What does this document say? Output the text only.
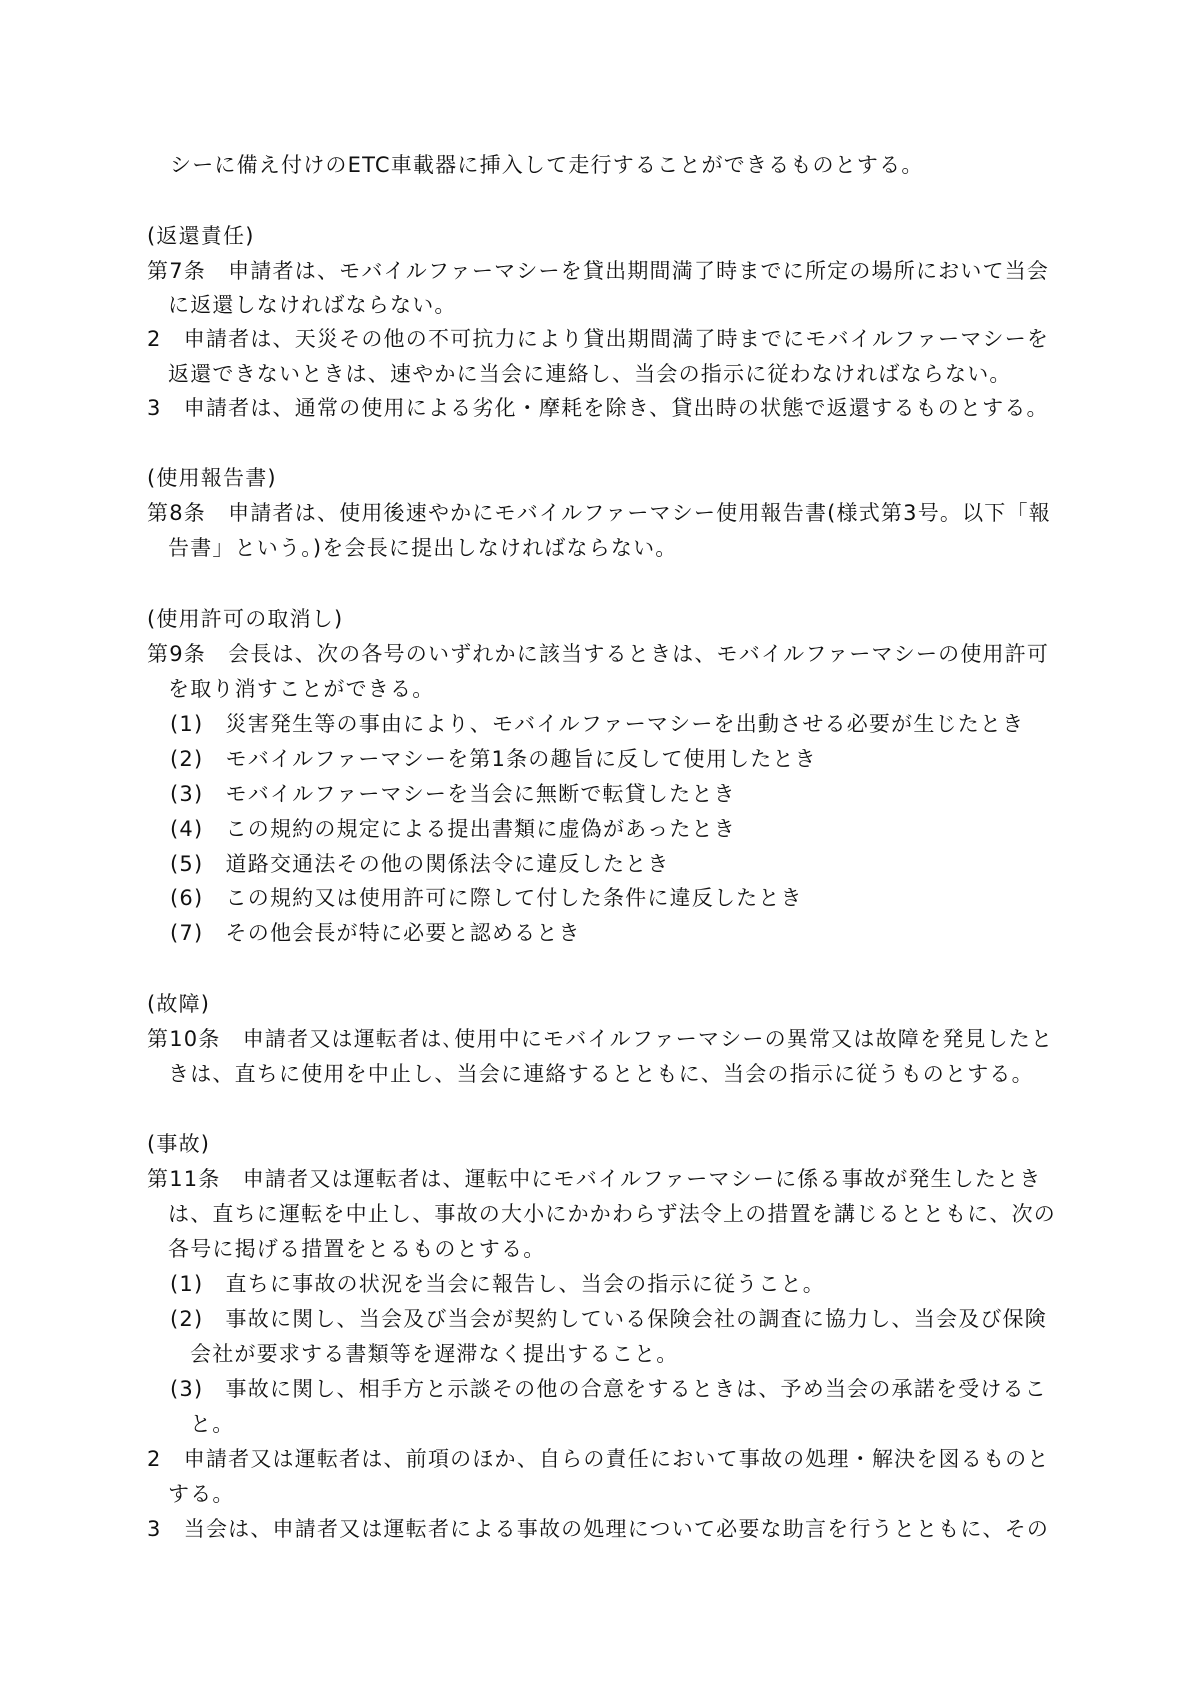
シーに備え付けのETC車載器に挿入して走行することができるものとする。
(返還責任)
第7条　申請者は、モバイルファーマシーを貸出期間満了時までに所定の場所において当会
に返還しなければならない。
2　申請者は、天災その他の不可抗力により貸出期間満了時までにモバイルファーマシーを
返還できないときは、速やかに当会に連絡し、当会の指示に従わなければならない。
3　申請者は、通常の使用による劣化・摩耗を除き、貸出時の状態で返還するものとする。
(使用報告書)
第8条　申請者は、使用後速やかにモバイルファーマシー使用報告書(様式第3号。以下「報
告書」という。)を会長に提出しなければならない。
(使用許可の取消し)
第9条　会長は、次の各号のいずれかに該当するときは、モバイルファーマシーの使用許可
を取り消すことができる。
(1)　災害発生等の事由により、モバイルファーマシーを出動させる必要が生じたとき
(2)　モバイルファーマシーを第1条の趣旨に反して使用したとき
(3)　モバイルファーマシーを当会に無断で転貸したとき
(4)　この規約の規定による提出書類に虚偽があったとき
(5)　道路交通法その他の関係法令に違反したとき
(6)　この規約又は使用許可に際して付した条件に違反したとき
(7)　その他会長が特に必要と認めるとき
(故障)
第10条　申請者又は運転者は､使用中にモバイルファーマシーの異常又は故障を発見したと
きは、直ちに使用を中止し、当会に連絡するとともに、当会の指示に従うものとする。
(事故)
第11条　申請者又は運転者は、運転中にモバイルファーマシーに係る事故が発生したとき
は、直ちに運転を中止し、事故の大小にかかわらず法令上の措置を講じるとともに、次の
各号に掲げる措置をとるものとする。
(1)　直ちに事故の状況を当会に報告し、当会の指示に従うこと。
(2)　事故に関し、当会及び当会が契約している保険会社の調査に協力し、当会及び保険
会社が要求する書類等を遅滞なく提出すること。
(3)　事故に関し、相手方と示談その他の合意をするときは、予め当会の承諾を受けるこ
と。
2　申請者又は運転者は、前項のほか、自らの責任において事故の処理・解決を図るものと
する。
3　当会は、申請者又は運転者による事故の処理について必要な助言を行うとともに、その
